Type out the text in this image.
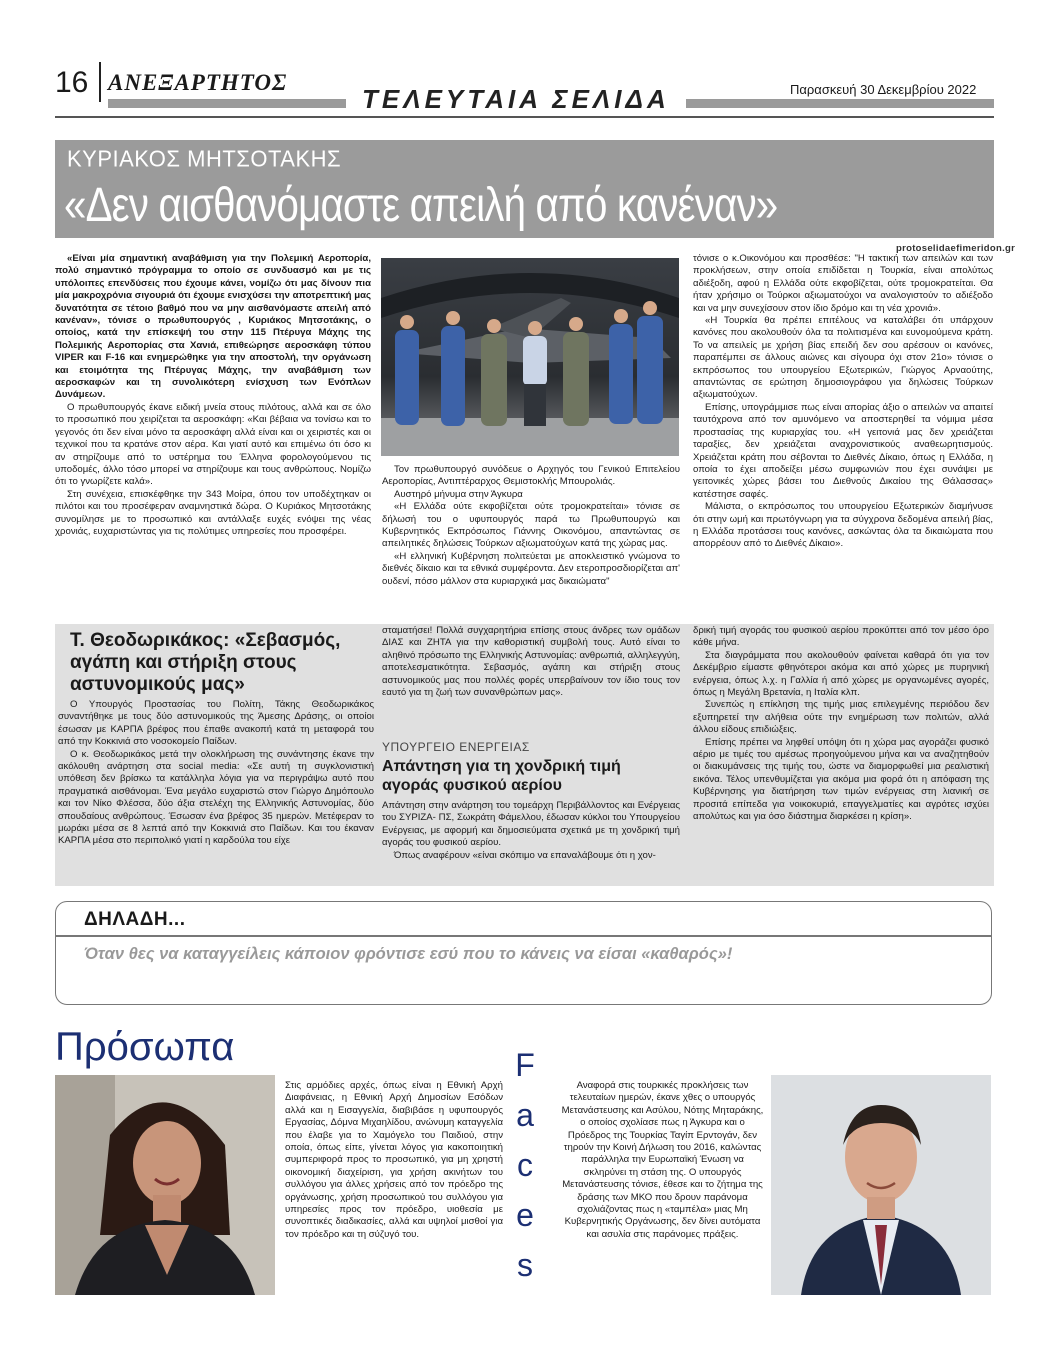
16 ΑΝΕΞΑΡΤΗΤΟΣ
ΤΕΛΕΥΤΑΙΑ ΣΕΛΙΔΑ	Παρασκευή 30 Δεκεμβρίου 2022
ΚΥΡΙΑΚΟΣ ΜΗΤΣΟΤΑΚΗΣ
«Δεν αισθανόμαστε απειλή από κανέναν»
protoselidaefimeridon.gr

«Είναι μία σημαντική αναβάθμιση για την Πολεμική Αεροπορία, πολύ σημαντικό πρόγραμμα το οποίο σε συνδυασμό και με τις υπόλοιπες επενδύσεις που έχουμε κάνει, νομίζω ότι μας δίνουν πια μία μακροχρόνια σιγουριά ότι έχουμε ενισχύσει την αποτρεπτική μας δυνατότητα σε τέτοιο βαθμό που να μην αισθανόμαστε απειλή από κανέναν», τόνισε ο πρωθυπουργός , Κυριάκος Μητσοτάκης, ο οποίος, κατά την επίσκεψή του στην 115 Πτέρυγα Μάχης της Πολεμικής Αεροπορίας στα Χανιά, επιθεώρησε αεροσκάφη τύπου VIPER και F-16 και ενημερώθηκε για την αποστολή, την οργάνωση και ετοιμότητα της Πτέρυγας Μάχης, την αναβάθμιση των αεροσκαφών και τη συνολικότερη ενίσχυση των Ενόπλων Δυνάμεων.

Ο πρωθυπουργός έκανε ειδική μνεία στους πιλότους, αλλά και σε όλο το προσωπικό που χειρίζεται τα αεροσκάφη: «Και βέβαια να τονίσω και το γεγονός ότι δεν είναι μόνο τα αεροσκάφη αλλά είναι και οι χειριστές και οι τεχνικοί που τα κρατάνε στον αέρα. Και γιατί αυτό και επιμένω ότι όσο κι αν στηρίζουμε από το υστέρημα του Έλληνα φορολογούμενου τις υποδομές, άλλο τόσο μπορεί να στηρίζουμε και τους ανθρώπους. Νομίζω ότι το γνωρίζετε καλά».

Στη συνέχεια, επισκέφθηκε την 343 Μοίρα, όπου τον υποδέχτηκαν οι πιλότοι και του προσέφεραν αναμνηστικά δώρα. Ο Κυριάκος Μητσοτάκης συνομίλησε με το προσωπικό και αντάλλαξε ευχές ενόψει της νέας χρονιάς, ευχαριστώντας για τις πολύτιμες υπηρεσίες που προσφέρει.

Τον πρωθυπουργό συνόδευε ο Αρχηγός του Γενικού Επιτελείου Αεροπορίας, Αντιπτέραρχος Θεμιστοκλής Μπουρολιάς.

Αυστηρό μήνυμα στην Άγκυρα

«Η Ελλάδα ούτε εκφοβίζεται ούτε τρομοκρατείται» τόνισε σε δήλωσή του ο υφυπουργός παρά τω Πρωθυπουργώ και Κυβερνητικός Εκπρόσωπος Γιάννης Οικονόμου, απαντώντας σε απειλητικές δηλώσεις Τούρκων αξιωματούχων κατά της χώρας μας.

«Η ελληνική Κυβέρνηση πολιτεύεται με αποκλειστικό γνώμονα το διεθνές δίκαιο και τα εθνικά συμφέροντα. Δεν ετεροπροσδιορίζεται απ' ουδενί, πόσο μάλλον στα κυριαρχικά μας δικαιώματα"

τόνισε ο κ.Οικονόμου και προσθέσε: "Η τακτική των απειλών και των προκλήσεων, στην οποία επιδίδεται η Τουρκία, είναι απολύτως αδιέξοδη, αφού η Ελλάδα ούτε εκφοβίζεται, ούτε τρομοκρατείται. Θα ήταν χρήσιμο οι Τούρκοι αξιωματούχοι να αναλογιστούν το αδιέξοδο και να μην συνεχίσουν στον ίδιο δρόμο και τη νέα χρονιά».

«Η Τουρκία θα πρέπει επιτέλους να καταλάβει ότι υπάρχουν κανόνες που ακολουθούν όλα τα πολιτισμένα και ευνομούμενα κράτη. Το να απειλείς με χρήση βίας επειδή δεν σου αρέσουν οι κανόνες, παραπέμπει σε άλλους αιώνες και σίγουρα όχι στον 21ο» τόνισε ο εκπρόσωπος του υπουργείου Εξωτερικών, Γιώργος Αρναούτης, απαντώντας σε ερώτηση δημοσιογράφου για δηλώσεις Τούρκων αξιωματούχων.

Επίσης, υπογράμμισε πως είναι απορίας άξιο ο απειλών να απαιτεί ταυτόχρονα από τον αμυνόμενο να αποστερηθεί τα νόμιμα μέσα προστασίας της κυριαρχίας του. «Η γειτονιά μας δεν χρειάζεται ταραξίες, δεν χρειάζεται αναχρονιστικούς αναθεωρητισμούς. Χρειάζεται κράτη που σέβονται το Διεθνές Δίκαιο, όπως η Ελλάδα, η οποία το έχει αποδείξει μέσω συμφωνιών που έχει συνάψει με γειτονικές χώρες βάσει του Διεθνούς Δικαίου της Θάλασσας» κατέστησε σαφές.

Μάλιστα, ο εκπρόσωπος του υπουργείου Εξωτερικών διαμήνυσε ότι στην ωμή και πρωτόγνωρη για τα σύγχρονα δεδομένα απειλή βίας, η Ελλάδα προτάσσει τους κανόνες, ασκώντας όλα τα δικαιώματα που απορρέουν από το Διεθνές Δίκαιο».

Τ. Θεοδωρικάκος: «Σεβασμός, αγάπη και στήριξη στους αστυνομικούς μας»

Ο Υπουργός Προστασίας του Πολίτη, Τάκης Θεοδωρικάκος συναντήθηκε με τους δύο αστυνομικούς της Άμεσης Δράσης, οι οποίοι έσωσαν με ΚΑΡΠΑ βρέφος που έπαθε ανακοπή κατά τη μεταφορά του από την Κοκκινιά στο νοσοκομείο Παίδων.

Ο κ. Θεοδωρικάκος μετά την ολοκλήρωση της συνάντησης έκανε την ακόλουθη ανάρτηση στα social media: «Σε αυτή τη συγκλονιστική υπόθεση δεν βρίσκω τα κατάλληλα λόγια για να περιγράψω αυτό που πραγματικά αισθάνομαι. Ένα μεγάλο ευχαριστώ στον Γιώργο Δημόπουλο και τον Νίκο Φλέσσα, δύο άξια στελέχη της Ελληνικής Αστυνομίας, δύο σπουδαίους ανθρώπους. Έσωσαν ένα βρέφος 35 ημερών. Μετέφεραν το μωράκι μέσα σε 8 λεπτά από την Κοκκινιά στο Παίδων. Και του έκαναν ΚΑΡΠΑ μέσα στο περιπολικό γιατί η καρδούλα του είχε

σταματήσει! Πολλά συγχαρητήρια επίσης στους άνδρες των ομάδων ΔΙΑΣ και ΖΗΤΑ για την καθοριστική συμβολή τους. Αυτό είναι το αληθινό πρόσωπο της Ελληνικής Αστυνομίας: ανθρωπιά, αλληλεγγύη, αποτελεσματικότητα. Σεβασμός, αγάπη και στήριξη στους αστυνομικούς μας που πολλές φορές υπερβαίνουν τον ίδιο τους τον εαυτό για τη ζωή των συνανθρώπων μας».

ΥΠΟΥΡΓΕΙΟ ΕΝΕΡΓΕΙΑΣ
Απάντηση για τη χονδρική τιμή αγοράς φυσικού αερίου

Απάντηση στην ανάρτηση του τομεάρχη Περιβάλλοντος και Ενέργειας του ΣΥΡΙΖΑ- ΠΣ, Σωκράτη Φάμελλου, έδωσαν κύκλοι του Υπουργείου Ενέργειας, με αφορμή και δημοσιεύματα σχετικά με τη χονδρική τιμή αγοράς του φυσικού αερίου.

Όπως αναφέρουν «είναι σκόπιμο να επαναλάβουμε ότι η χον-

δρική τιμή αγοράς του φυσικού αερίου προκύπτει από τον μέσο όρο κάθε μήνα.

Στα διαγράμματα που ακολουθούν φαίνεται καθαρά ότι για τον Δεκέμβριο είμαστε φθηνότεροι ακόμα και από χώρες με πυρηνική ενέργεια, όπως λ.χ. η Γαλλία ή από χώρες με οργανωμένες αγορές, όπως η Μεγάλη Βρετανία, η Ιταλία κλπ.

Συνεπώς η επίκληση της τιμής μιας επιλεγμένης περιόδου δεν εξυπηρετεί την αλήθεια ούτε την ενημέρωση των πολιτών, αλλά άλλου είδους επιδιώξεις.

Επίσης πρέπει να ληφθεί υπόψη ότι η χώρα μας αγοράζει φυσικό αέριο με τιμές του αμέσως προηγούμενου μήνα και να αναζητηθούν οι διακυμάνσεις της τιμής του, ώστε να διαμορφωθεί μια ρεαλιστική εικόνα. Τέλος υπενθυμίζεται για ακόμα μια φορά ότι η απόφαση της Κυβέρνησης για διατήρηση των τιμών ενέργειας στη λιανική σε προσιτά επίπεδα για νοικοκυριά, επαγγελματίες και αγρότες ισχύει απολύτως και για όσο διάστημα διαρκέσει η κρίση».

ΔΗΛΑΔΗ...
Όταν θες να καταγγείλεις κάποιον φρόντισε εσύ που το κάνεις να είσαι «καθαρός»!
Πρόσωπα	F
a
c
e
s
Στις αρμόδιες αρχές, όπως είναι η Εθνική Αρχή Διαφάνειας, η Εθνική Αρχή Δημοσίων Εσόδων αλλά και η Εισαγγελία, διαβιβάσε η υφυπουργός Εργασίας, Δόμνα Μιχαηλίδου, ανώνυμη καταγγελία που έλαβε για το Χαμόγελο του Παιδιού, στην οποία, όπως είπε, γίνεται λόγος για κακοποιητική συμπεριφορά προς το προσωπικό, για μη χρηστή οικονομική διαχείριση, για χρήση ακινήτων του συλλόγου για άλλες χρήσεις από τον πρόεδρο της οργάνωσης, χρήση προσωπικού του συλλόγου για υπηρεσίες προς τον πρόεδρο, υιοθεσία με συνοπτικές διαδικασίες, αλλά και υψηλοί μισθοί για τον πρόεδρο και τη σύζυγό του.
Αναφορά στις τουρκικές προκλήσεις των τελευταίων ημερών, έκανε χθες ο υπουργός Μετανάστευσης και Ασύλου, Νότης Μηταράκης, ο οποίος σχολίασε πως η Άγκυρα και ο Πρόεδρος της Τουρκίας Ταγίπ Ερντογάν, δεν τηρούν την Κοινή Δήλωση του 2016, καλώντας παράλληλα την Ευρωπαϊκή Ένωση να σκληρύνει τη στάση της. Ο υπουργός Μετανάστευσης τόνισε, έθεσε και το ζήτημα της δράσης των ΜΚΟ που δρουν παράνομα σχολιάζοντας πως η «ταμπέλα» μιας Μη Κυβερνητικής Οργάνωσης, δεν δίνει αυτόματα και ασυλία στις παράνομες πράξεις.
